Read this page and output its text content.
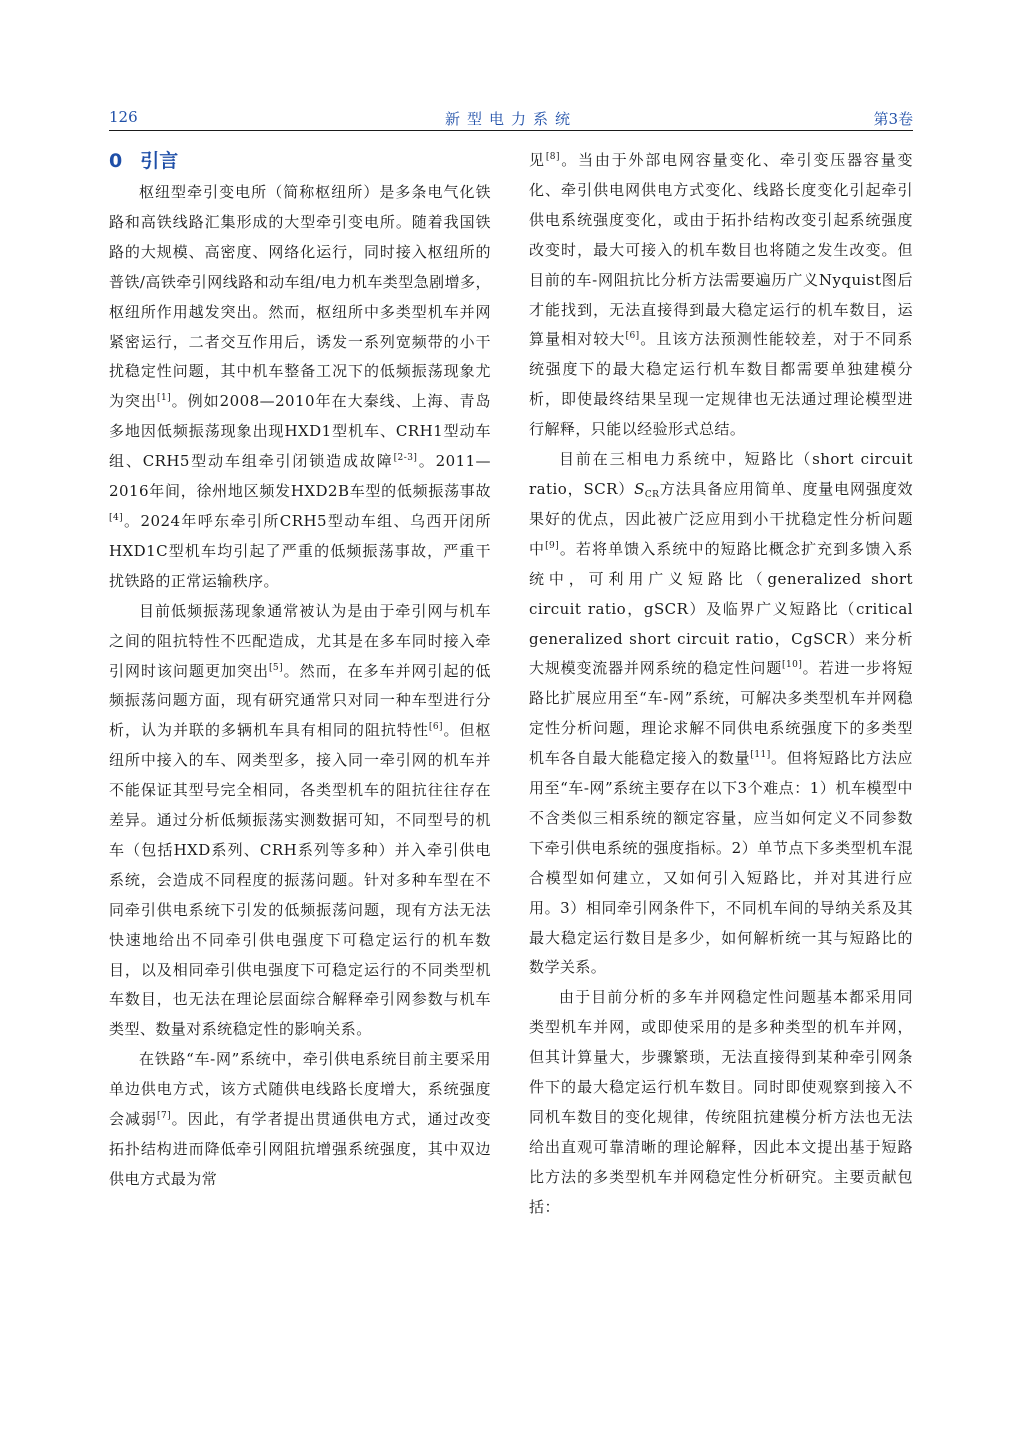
126	新型电力系统	第3卷
0 引言

枢纽型牵引变电所（简称枢纽所）是多条电气化铁路和高铁线路汇集形成的大型牵引变电所。随着我国铁路的大规模、高密度、网络化运行，同时接入枢纽所的普铁/高铁牵引网线路和动车组/电力机车类型急剧增多，枢纽所作用越发突出。然而，枢纽所中多类型机车并网紧密运行，二者交互作用后，诱发一系列宽频带的小干扰稳定性问题，其中机车整备工况下的低频振荡现象尤为突出[1]。例如2008—2010年在大秦线、上海、青岛多地因低频振荡现象出现HXD1型机车、CRH1型动车组、CRH5型动车组牵引闭锁造成故障[2-3]。2011—2016年间，徐州地区频发HXD2B车型的低频振荡事故[4]。2024年呼东牵引所CRH5型动车组、乌西开闭所HXD1C型机车均引起了严重的低频振荡事故，严重干扰铁路的正常运输秩序。

目前低频振荡现象通常被认为是由于牵引网与机车之间的阻抗特性不匹配造成，尤其是在多车同时接入牵引网时该问题更加突出[5]。然而，在多车并网引起的低频振荡问题方面，现有研究通常只对同一种车型进行分析，认为并联的多辆机车具有相同的阻抗特性[6]。但枢纽所中接入的车、网类型多，接入同一牵引网的机车并不能保证其型号完全相同，各类型机车的阻抗往往存在差异。通过分析低频振荡实测数据可知，不同型号的机车（包括HXD系列、CRH系列等多种）并入牵引供电系统，会造成不同程度的振荡问题。针对多种车型在不同牵引供电系统下引发的低频振荡问题，现有方法无法快速地给出不同牵引供电强度下可稳定运行的机车数目，以及相同牵引供电强度下可稳定运行的不同类型机车数目，也无法在理论层面综合解释牵引网参数与机车类型、数量对系统稳定性的影响关系。

在铁路“车-网”系统中，牵引供电系统目前主要采用单边供电方式，该方式随供电线路长度增大，系统强度会减弱[7]。因此，有学者提出贯通供电方式，通过改变拓扑结构进而降低牵引网阻抗增强系统强度，其中双边供电方式最为常

见[8]。当由于外部电网容量变化、牵引变压器容量变化、牵引供电网供电方式变化、线路长度变化引起牵引供电系统强度变化，或由于拓扑结构改变引起系统强度改变时，最大可接入的机车数目也将随之发生改变。但目前的车-网阻抗比分析方法需要遍历广义Nyquist图后才能找到，无法直接得到最大稳定运行的机车数目，运算量相对较大[6]。且该方法预测性能较差，对于不同系统强度下的最大稳定运行机车数目都需要单独建模分析，即使最终结果呈现一定规律也无法通过理论模型进行解释，只能以经验形式总结。

目前在三相电力系统中，短路比（short circuit ratio，$SCR)S_{CR}$方法具备应用简单、度量电网强度效果好的优点，因此被广泛应用到小干扰稳定性分析问题中[9]。若将单馈入系统中的短路比概念扩充到多馈入系统中，可利用广义短路比（generalized short circuit ratio，gSCR）及临界广义短路比（critical generalized short circuit ratio，CgSCR）来分析大规模变流器并网系统的稳定性问题[10]。若进一步将短路比扩展应用至“车-网”系统，可解决多类型机车并网稳定性分析问题，理论求解不同供电系统强度下的多类型机车各自最大能稳定接入的数量[11]。但将短路比方法应用至“车-网”系统主要存在以下3个难点：1）机车模型中不含类似三相系统的额定容量，应当如何定义不同参数下牵引供电系统的强度指标。2）单节点下多类型机车混合模型如何建立，又如何引入短路比，并对其进行应用。3）相同牵引网条件下，不同机车间的导纳关系及其最大稳定运行数目是多少，如何解析统一其与短路比的数学关系。

由于目前分析的多车并网稳定性问题基本都采用同类型机车并网，或即使采用的是多种类型的机车并网，但其计算量大，步骤繁琐，无法直接得到某种牵引网条件下的最大稳定运行机车数目。同时即使观察到接入不同机车数目的变化规律，传统阻抗建模分析方法也无法给出直观可靠清晰的理论解释，因此本文提出基于短路比方法的多类型机车并网稳定性分析研究。主要贡献包括：
